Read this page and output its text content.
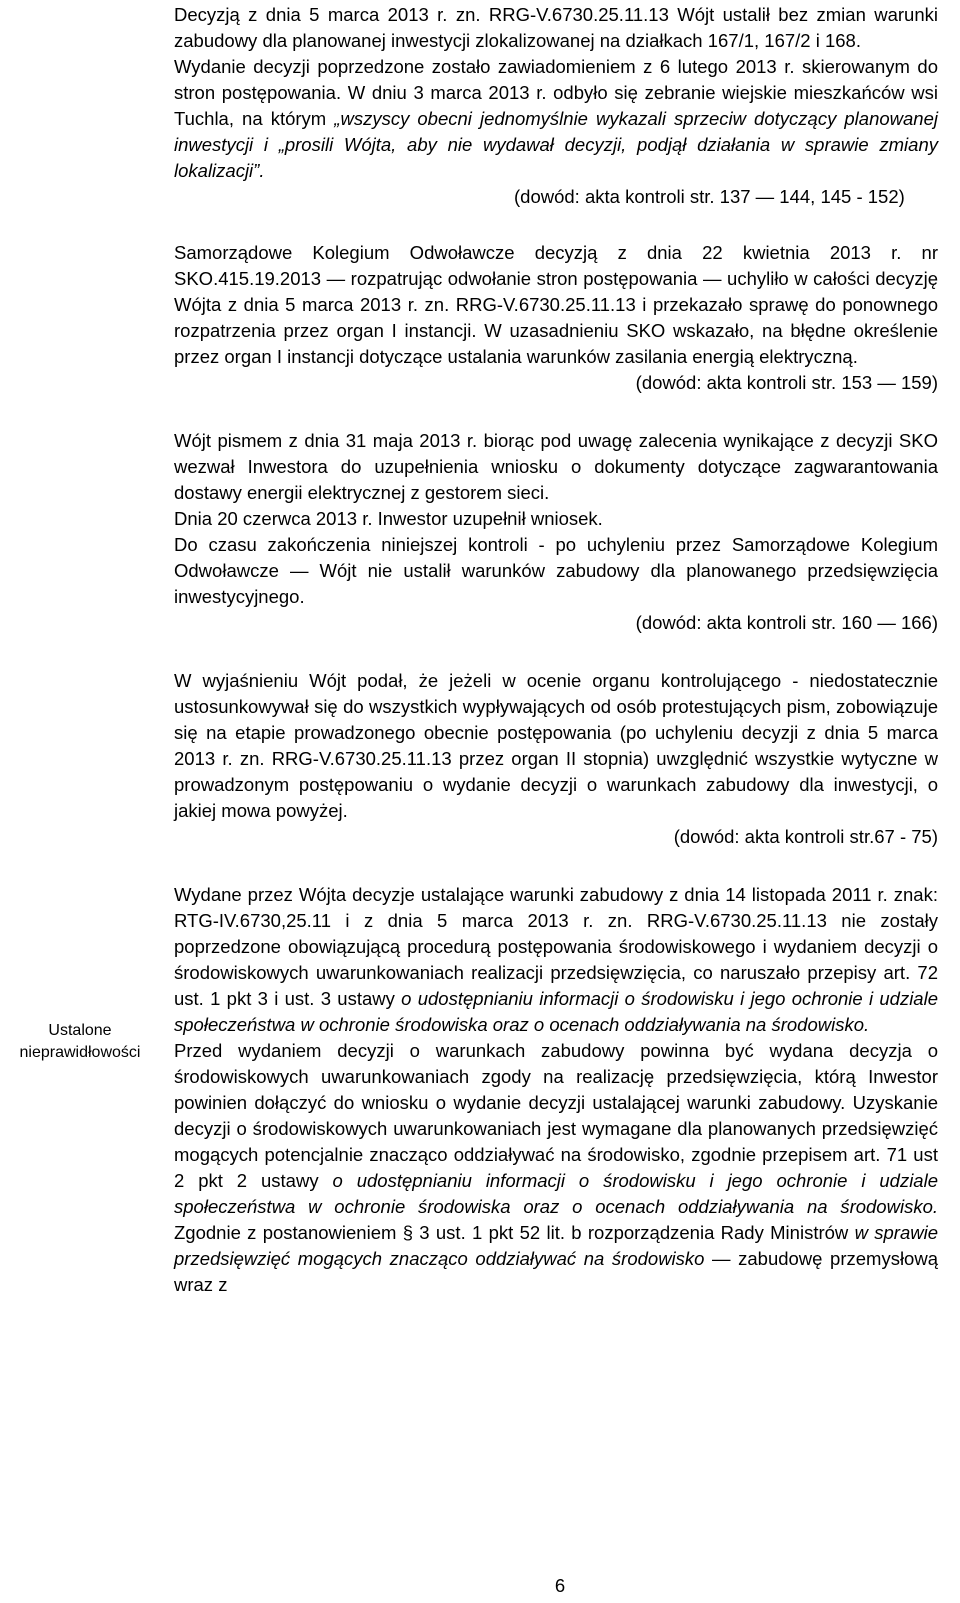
Ustalone
nieprawidłowości

Decyzją z dnia 5 marca 2013 r. zn. RRG-V.6730.25.11.13 Wójt ustalił bez zmian warunki zabudowy dla planowanej inwestycji zlokalizowanej na działkach 167/1, 167/2 i 168.

Wydanie decyzji poprzedzone zostało zawiadomieniem z 6 lutego 2013 r. skierowanym do stron postępowania. W dniu 3 marca 2013 r. odbyło się zebranie wiejskie mieszkańców wsi Tuchla, na którym „wszyscy obecni jednomyślnie wykazali sprzeciw dotyczący planowanej inwestycji i „prosili Wójta, aby nie wydawał decyzji, podjął działania w sprawie zmiany lokalizacji”.

(dowód: akta kontroli str. 137 — 144, 145 - 152)

Samorządowe Kolegium Odwoławcze decyzją z dnia 22 kwietnia 2013 r. nr SKO.415.19.2013 — rozpatrując odwołanie stron postępowania — uchyliło w całości decyzję Wójta z dnia 5 marca 2013 r. zn. RRG-V.6730.25.11.13 i przekazało sprawę do ponownego rozpatrzenia przez organ I instancji. W uzasadnieniu SKO wskazało, na błędne określenie przez organ I instancji dotyczące ustalania warunków zasilania energią elektryczną.

(dowód: akta kontroli str. 153 — 159)

Wójt pismem z dnia 31 maja 2013 r. biorąc pod uwagę zalecenia wynikające z decyzji SKO wezwał Inwestora do uzupełnienia wniosku o dokumenty dotyczące zagwarantowania dostawy energii elektrycznej z gestorem sieci.

Dnia 20 czerwca 2013 r. Inwestor uzupełnił wniosek.

Do czasu zakończenia niniejszej kontroli - po uchyleniu przez Samorządowe Kolegium Odwoławcze — Wójt nie ustalił warunków zabudowy dla planowanego przedsięwzięcia inwestycyjnego.

(dowód: akta kontroli str. 160 — 166)

W wyjaśnieniu Wójt podał, że jeżeli w ocenie organu kontrolującego - niedostatecznie ustosunkowywał się do wszystkich wypływających od osób protestujących pism, zobowiązuje się na etapie prowadzonego obecnie postępowania (po uchyleniu decyzji z dnia 5 marca 2013 r. zn. RRG-V.6730.25.11.13 przez organ II stopnia) uwzględnić wszystkie wytyczne w prowadzonym postępowaniu o wydanie decyzji o warunkach zabudowy dla inwestycji, o jakiej mowa powyżej.

(dowód: akta kontroli str.67 - 75)

Wydane przez Wójta decyzje ustalające warunki zabudowy z dnia 14 listopada 2011 r. znak: RTG-IV.6730,25.11 i z dnia 5 marca 2013 r. zn. RRG-V.6730.25.11.13 nie zostały poprzedzone obowiązującą procedurą postępowania środowiskowego i wydaniem decyzji o środowiskowych uwarunkowaniach realizacji przedsięwzięcia, co naruszało przepisy art. 72 ust. 1 pkt 3 i ust. 3 ustawy o udostępnianiu informacji o środowisku i jego ochronie i udziale społeczeństwa w ochronie środowiska oraz o ocenach oddziaływania na środowisko.

Przed wydaniem decyzji o warunkach zabudowy powinna być wydana decyzja o środowiskowych uwarunkowaniach zgody na realizację przedsięwzięcia, którą Inwestor powinien dołączyć do wniosku o wydanie decyzji ustalającej warunki zabudowy. Uzyskanie decyzji o środowiskowych uwarunkowaniach jest wymagane dla planowanych przedsięwzięć mogących potencjalnie znacząco oddziaływać na środowisko, zgodnie przepisem art. 71 ust 2 pkt 2 ustawy o udostępnianiu informacji o środowisku i jego ochronie i udziale społeczeństwa w ochronie środowiska oraz o ocenach oddziaływania na środowisko. Zgodnie z postanowieniem § 3 ust. 1 pkt 52 lit. b rozporządzenia Rady Ministrów w sprawie przedsięwzięć mogących znacząco oddziaływać na środowisko — zabudowę przemysłową wraz z

6
